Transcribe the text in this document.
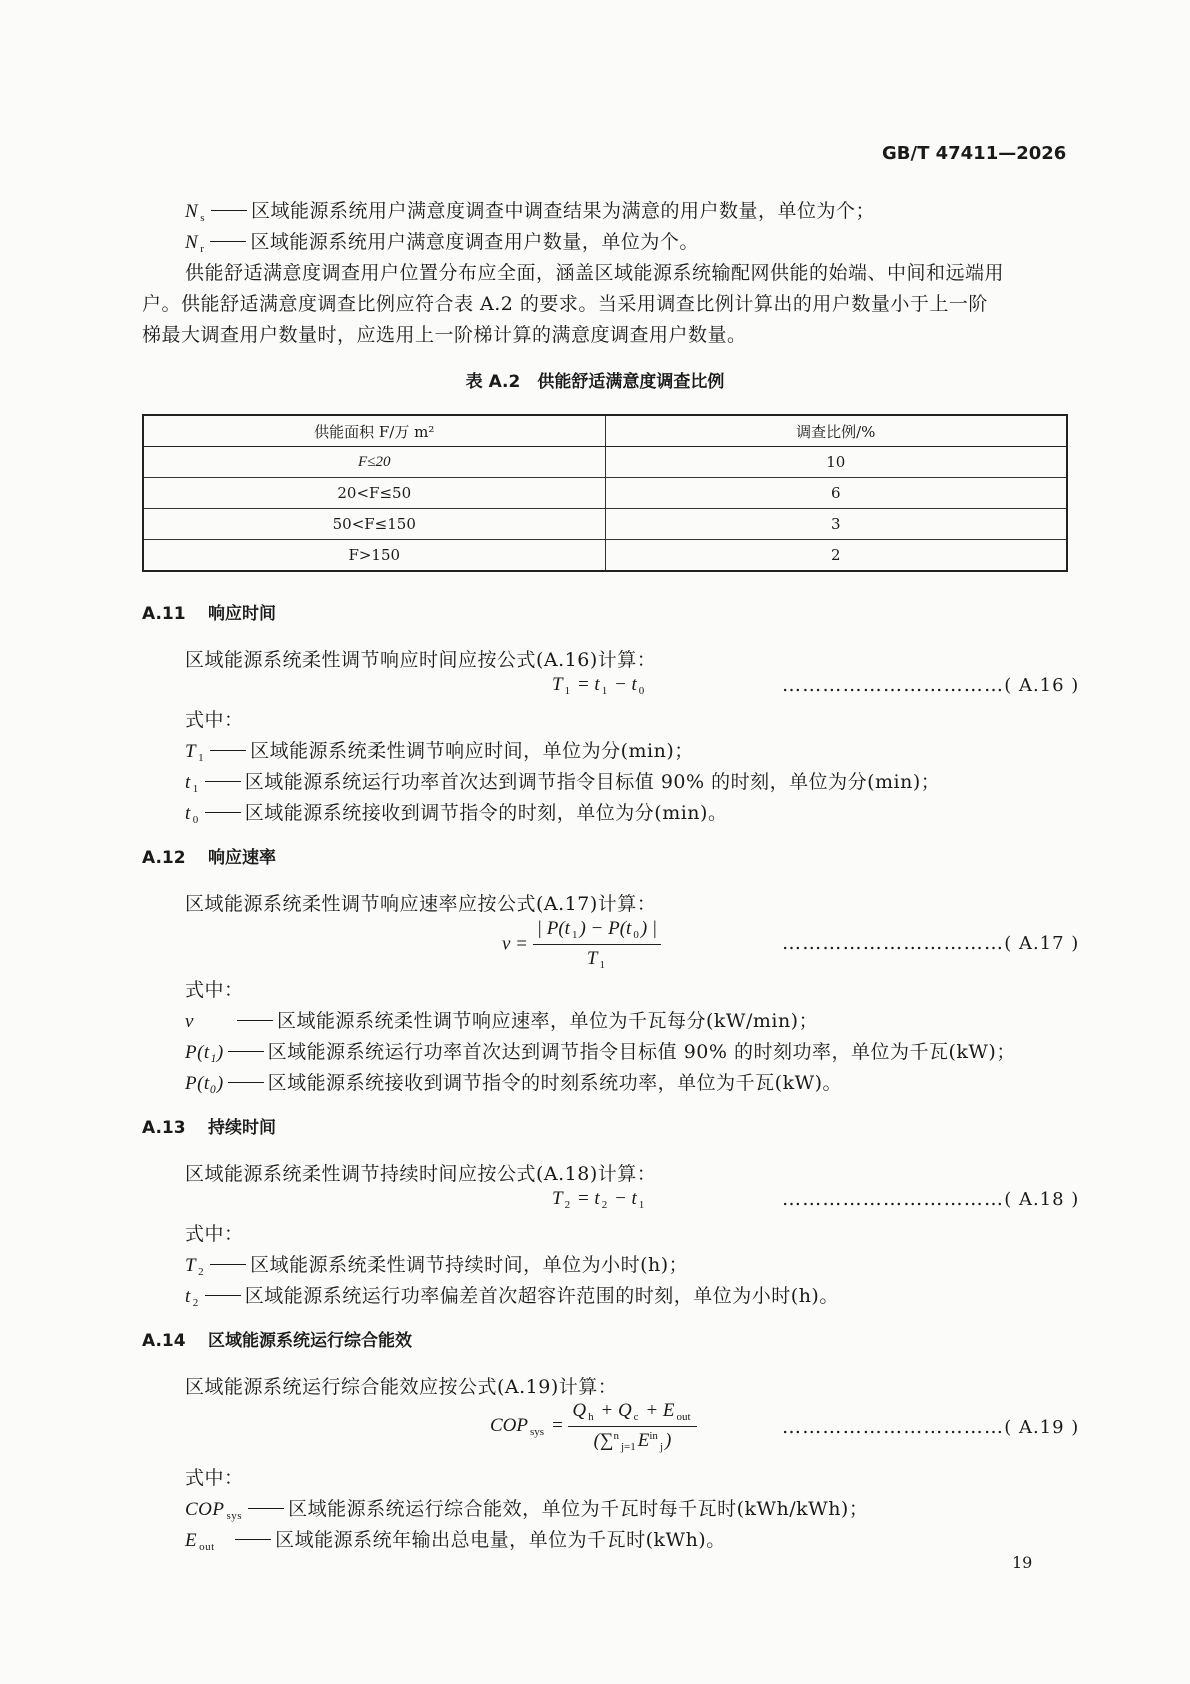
GB/T 47411—2026
N $_s$ 区域能源系统用户满意度调查中调查结果为满意的用户数量，单位为个；
N $_r$ 区域能源系统用户满意度调查用户数量，单位为个。
供能舒适满意度调查用户位置分布应全面，涵盖区域能源系统输配网供能的始端、中间和远端用
户。供能舒适满意度调查比例应符合表 A.2 的要求。当采用调查比例计算出的用户数量小于上一阶
梯最大调查用户数量时，应选用上一阶梯计算的满意度调查用户数量。
表 A.2　供能舒适满意度调查比例
供能面积 F/万 m²	调查比例/%
F≤20	10
20<F≤50	6
50<F≤150	3
F>150	2
A.11 响应时间
区域能源系统柔性调节响应时间应按公式(A.16)计算：
T $_1$ = t $_1$ − t $_0$	……………………………( A.16 )
式中：
T $_1$ 区域能源系统柔性调节响应时间，单位为分(min)；
t $_1$ 区域能源系统运行功率首次达到调节指令目标值 90% 的时刻，单位为分(min)；
t $_0$ 区域能源系统接收到调节指令的时刻，单位为分(min)。
A.12 响应速率
区域能源系统柔性调节响应速率应按公式(A.17)计算：
$v = \frac{| P(t _1 ) - P(t _0 ) |}{T _1}$	……………………………( A.17 )
式中：
v	区域能源系统柔性调节响应速率，单位为千瓦每分(kW/min)；
P(t₁) 区域能源系统运行功率首次达到调节指令目标值 90% 的时刻功率，单位为千瓦(kW)；
P(t₀) 区域能源系统接收到调节指令的时刻系统功率，单位为千瓦(kW)。
A.13 持续时间
区域能源系统柔性调节持续时间应按公式(A.18)计算：
T $_2$ = t $_2$ − t $_1$	……………………………( A.18 )
式中：
T $_2$ 区域能源系统柔性调节持续时间，单位为小时(h)；
t $_2$ 区域能源系统运行功率偏差首次超容许范围的时刻，单位为小时(h)。
A.14 区域能源系统运行综合能效
区域能源系统运行综合能效应按公式(A.19)计算：
COP $_{sys} = \frac{Q _h + Q _c + E _{out}}{(\sum^n_{j=1} E^{in}_j )}$	……………………………( A.19 )
式中：
COP $_{sys}$ 区域能源系统运行综合能效，单位为千瓦时每千瓦时(kWh/kWh)；
E out	区域能源系统年输出总电量，单位为千瓦时(kWh)。
19
